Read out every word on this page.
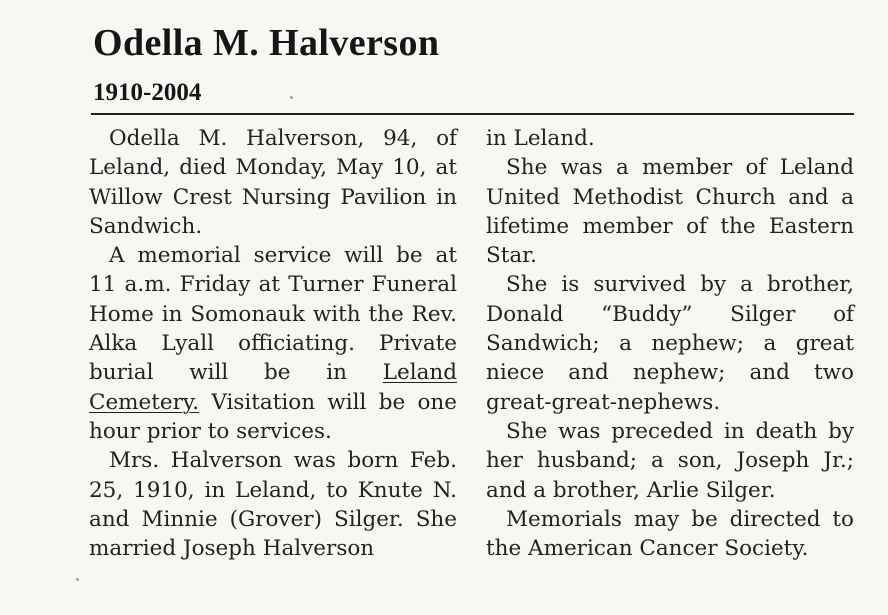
Odella M. Halverson
1910-2004

Odella M. Halverson, 94, of Leland, died Monday, May 10, at Willow Crest Nursing Pavilion in Sandwich.

A memorial service will be at 11 a.m. Friday at Turner Funeral Home in Somonauk with the Rev. Alka Lyall officiating. Private burial will be in Leland Cemetery. Visitation will be one hour prior to services.

Mrs. Halverson was born Feb. 25, 1910, in Leland, to Knute N. and Minnie (Grover) Silger. She married Joseph Halverson

in Leland.

She was a member of Leland United Methodist Church and a lifetime member of the Eastern Star.

She is survived by a brother, Donald “Buddy” Silger of Sandwich; a nephew; a great niece and nephew; and two great-great-nephews.

She was preceded in death by her husband; a son, Joseph Jr.; and a brother, Arlie Silger.

Memorials may be directed to the American Cancer Society.
